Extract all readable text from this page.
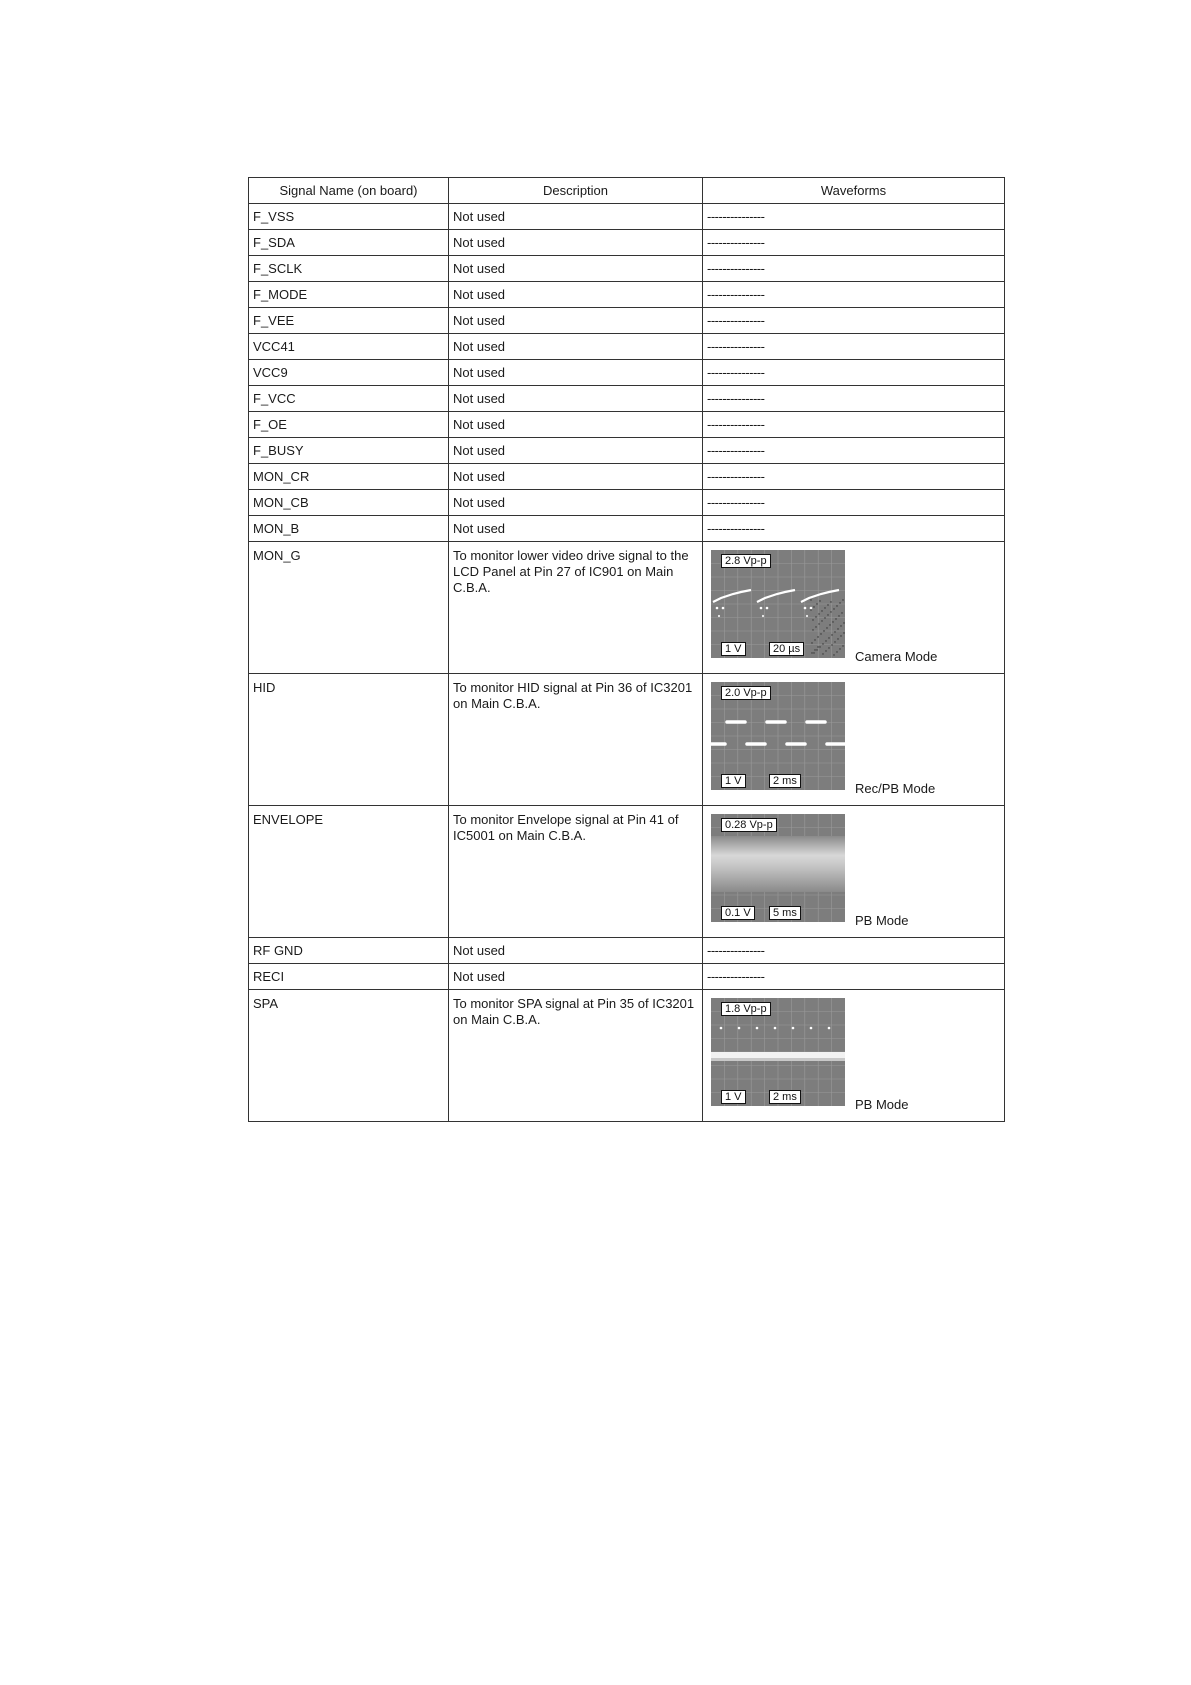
Signal Name (on board)	Description	Waveforms
F_VSS	Not used	---------------
F_SDA	Not used	---------------
F_SCLK	Not used	---------------
F_MODE	Not used	---------------
F_VEE	Not used	---------------
VCC41	Not used	---------------
VCC9	Not used	---------------
F_VCC	Not used	---------------
F_OE	Not used	---------------
F_BUSY	Not used	---------------
MON_CR	Not used	---------------
MON_CB	Not used	---------------
MON_B	Not used	---------------
MON_G	To monitor lower video drive signal to the LCD Panel at Pin 27 of IC901 on Main C.B.A.	2.8 Vp-p
1 V 20 µs Camera Mode

HID	To monitor HID signal at Pin 36 of IC3201 on Main C.B.A.	2.0 Vp-p
1 V 2 ms Rec/PB Mode

ENVELOPE	To monitor Envelope signal at Pin 41 of IC5001 on Main C.B.A.	0.28 Vp-p
0.1 V 5 ms PB Mode

RF GND	Not used	---------------
RECI	Not used	---------------
SPA	To monitor SPA signal at Pin 35 of IC3201 on Main C.B.A.	1.8 Vp-p
1 V 2 ms PB Mode
